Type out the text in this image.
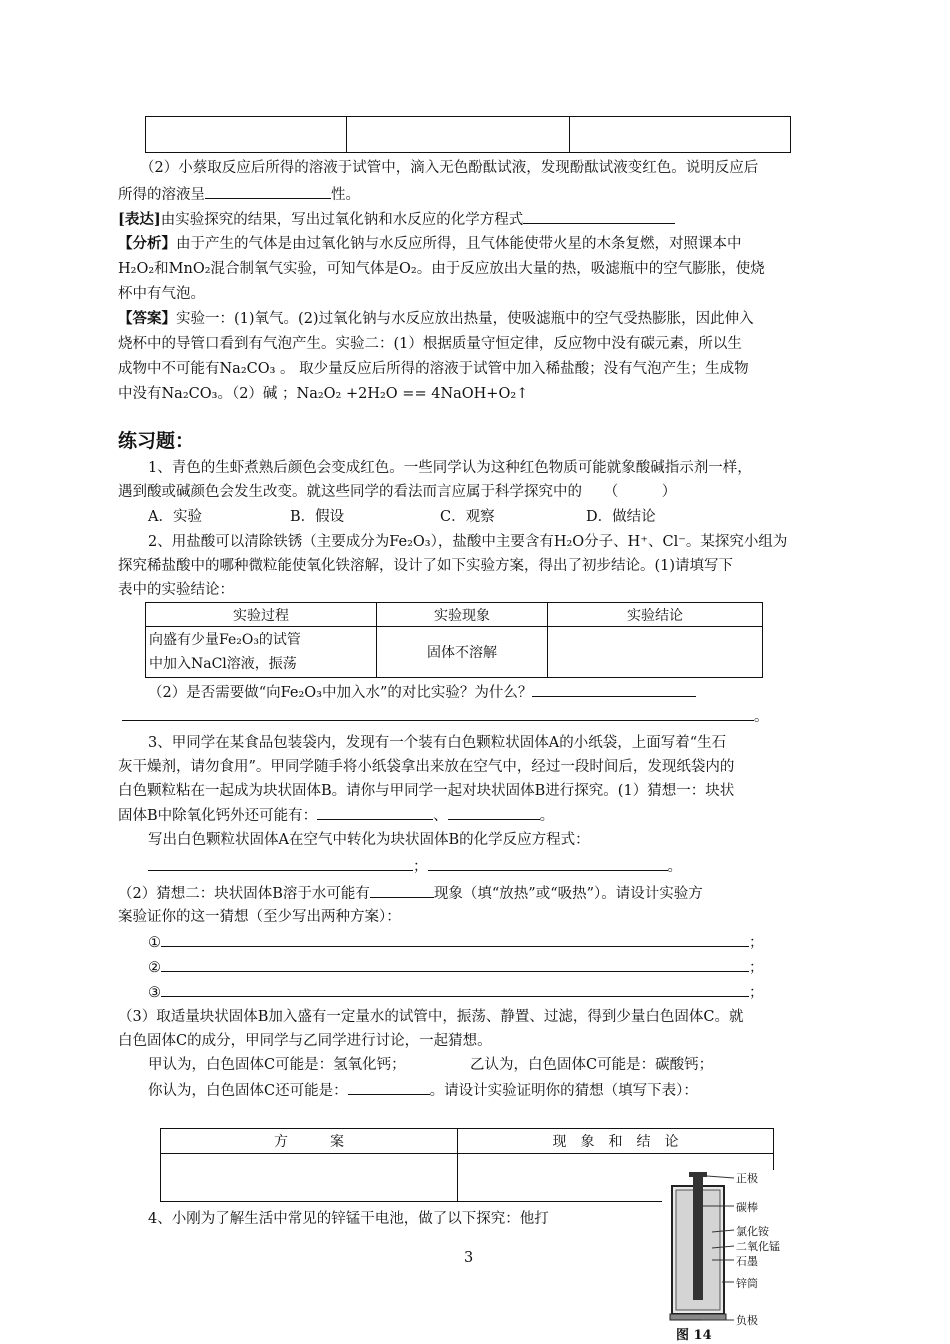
（2）小蔡取反应后所得的溶液于试管中，滴入无色酚酞试液，发现酚酞试液变红色。说明反应后
所得的溶液呈	性。
[表达]由实验探究的结果，写出过氧化钠和水反应的化学方程式
【分析】由于产生的气体是由过氧化钠与水反应所得，且气体能使带火星的木条复燃，对照课本中
H₂O₂和MnO₂混合制氧气实验，可知气体是O₂。由于反应放出大量的热，吸滤瓶中的空气膨胀，使烧
杯中有气泡。
【答案】实验一：(1)氧气。(2)过氧化钠与水反应放出热量，使吸滤瓶中的空气受热膨胀，因此伸入
烧杯中的导管口看到有气泡产生。实验二：(1）根据质量守恒定律，反应物中没有碳元素，所以生
成物中不可能有Na₂CO₃ 。 取少量反应后所得的溶液于试管中加入稀盐酸；没有气泡产生；生成物
中没有Na₂CO₃。（2）碱 ；Na₂O₂ +2H₂O == 4NaOH+O₂↑
练习题：
1、青色的生虾煮熟后颜色会变成红色。一些同学认为这种红色物质可能就象酸碱指示剂一样，
遇到酸或碱颜色会发生改变。就这些同学的看法而言应属于科学探究中的　　（　　　）
A．实验	B．假设	C．观察	D．做结论
2、用盐酸可以清除铁锈（主要成分为Fe₂O₃），盐酸中主要含有H₂O分子、H⁺、Cl⁻。某探究小组为
探究稀盐酸中的哪种微粒能使氧化铁溶解，设计了如下实验方案，得出了初步结论。(1)请填写下
表中的实验结论：
实验过程	实验现象	实验结论

向盛有少量Fe₂O₃的试管
中加入NaCl溶液，振荡	固体不溶解	
（2）是否需要做“向Fe₂O₃中加入水”的对比实验？为什么？
。
3、甲同学在某食品包装袋内，发现有一个装有白色颗粒状固体A的小纸袋，上面写着“生石
灰干燥剂，请勿食用”。甲同学随手将小纸袋拿出来放在空气中，经过一段时间后，发现纸袋内的
白色颗粒粘在一起成为块状固体B。请你与甲同学一起对块状固体B进行探究。(1）猜想一：块状
固体B中除氧化钙外还可能有：	、	。
写出白色颗粒状固体A在空气中转化为块状固体B的化学反应方程式：
；	。
（2）猜想二：块状固体B溶于水可能有	现象（填“放热”或“吸热”）。请设计实验方
案验证你的这一猜想（至少写出两种方案）：
①	；
②	；
③	；
（3）取适量块状固体B加入盛有一定量水的试管中，振荡、静置、过滤，得到少量白色固体C。就
白色固体C的成分，甲同学与乙同学进行讨论，一起猜想。
甲认为，白色固体C可能是：氢氧化钙；	乙认为，白色固体C可能是：碳酸钙；
你认为，白色固体C还可能是：	。请设计实验证明你的猜想（填写下表）：
方　　　案	现　象　和　结　论

4、小刚为了解生活中常见的锌锰干电池，做了以下探究：他打
正极
碳棒
氯化铵
二氧化锰
石墨
锌筒
负极
图 14
3
